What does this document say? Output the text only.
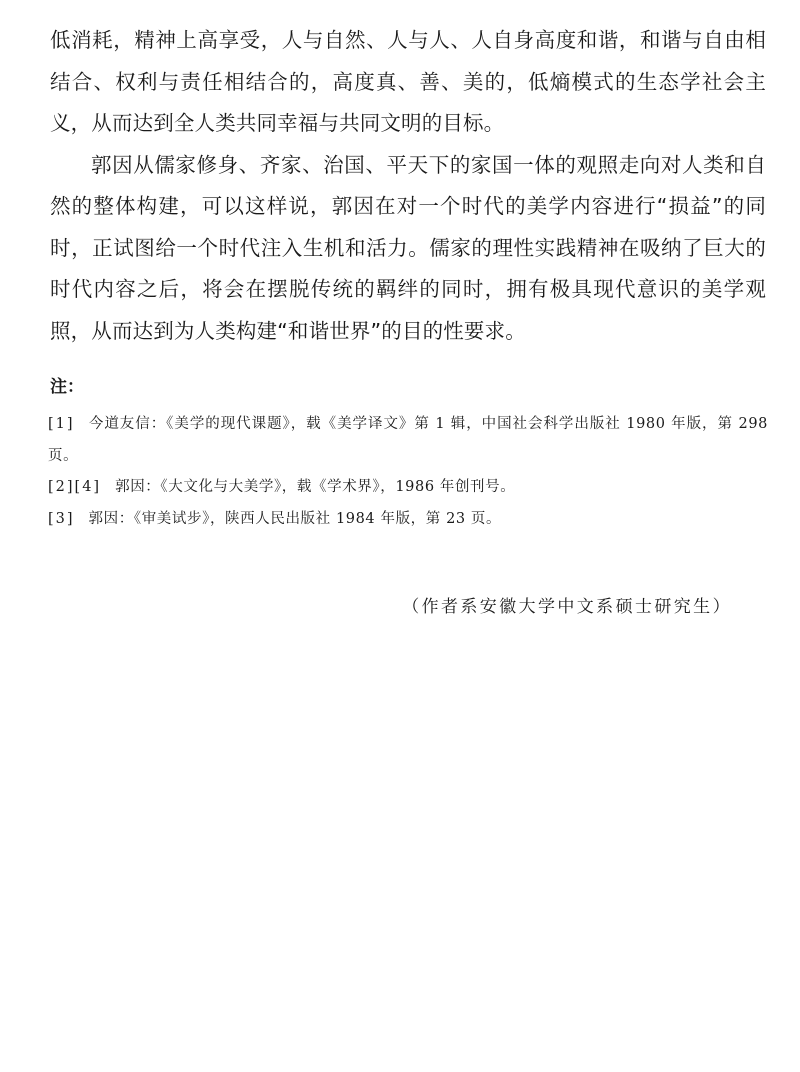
低消耗，精神上高享受，人与自然、人与人、人自身高度和谐，和谐与自由相结合、权利与责任相结合的，高度真、善、美的，低熵模式的生态学社会主义，从而达到全人类共同幸福与共同文明的目标。

郭因从儒家修身、齐家、治国、平天下的家国一体的观照走向对人类和自然的整体构建，可以这样说，郭因在对一个时代的美学内容进行“损益”的同时，正试图给一个时代注入生机和活力。儒家的理性实践精神在吸纳了巨大的时代内容之后，将会在摆脱传统的羁绊的同时，拥有极具现代意识的美学观照，从而达到为人类构建“和谐世界”的目的性要求。

注：

[1] 今道友信：《美学的现代课题》，载《美学译文》第 1 辑，中国社会科学出版社 1980 年版，第 298 页。

[2][4] 郭因：《大文化与大美学》，载《学术界》，1986 年创刊号。

[3] 郭因：《审美试步》，陕西人民出版社 1984 年版，第 23 页。

（作者系安徽大学中文系硕士研究生）
